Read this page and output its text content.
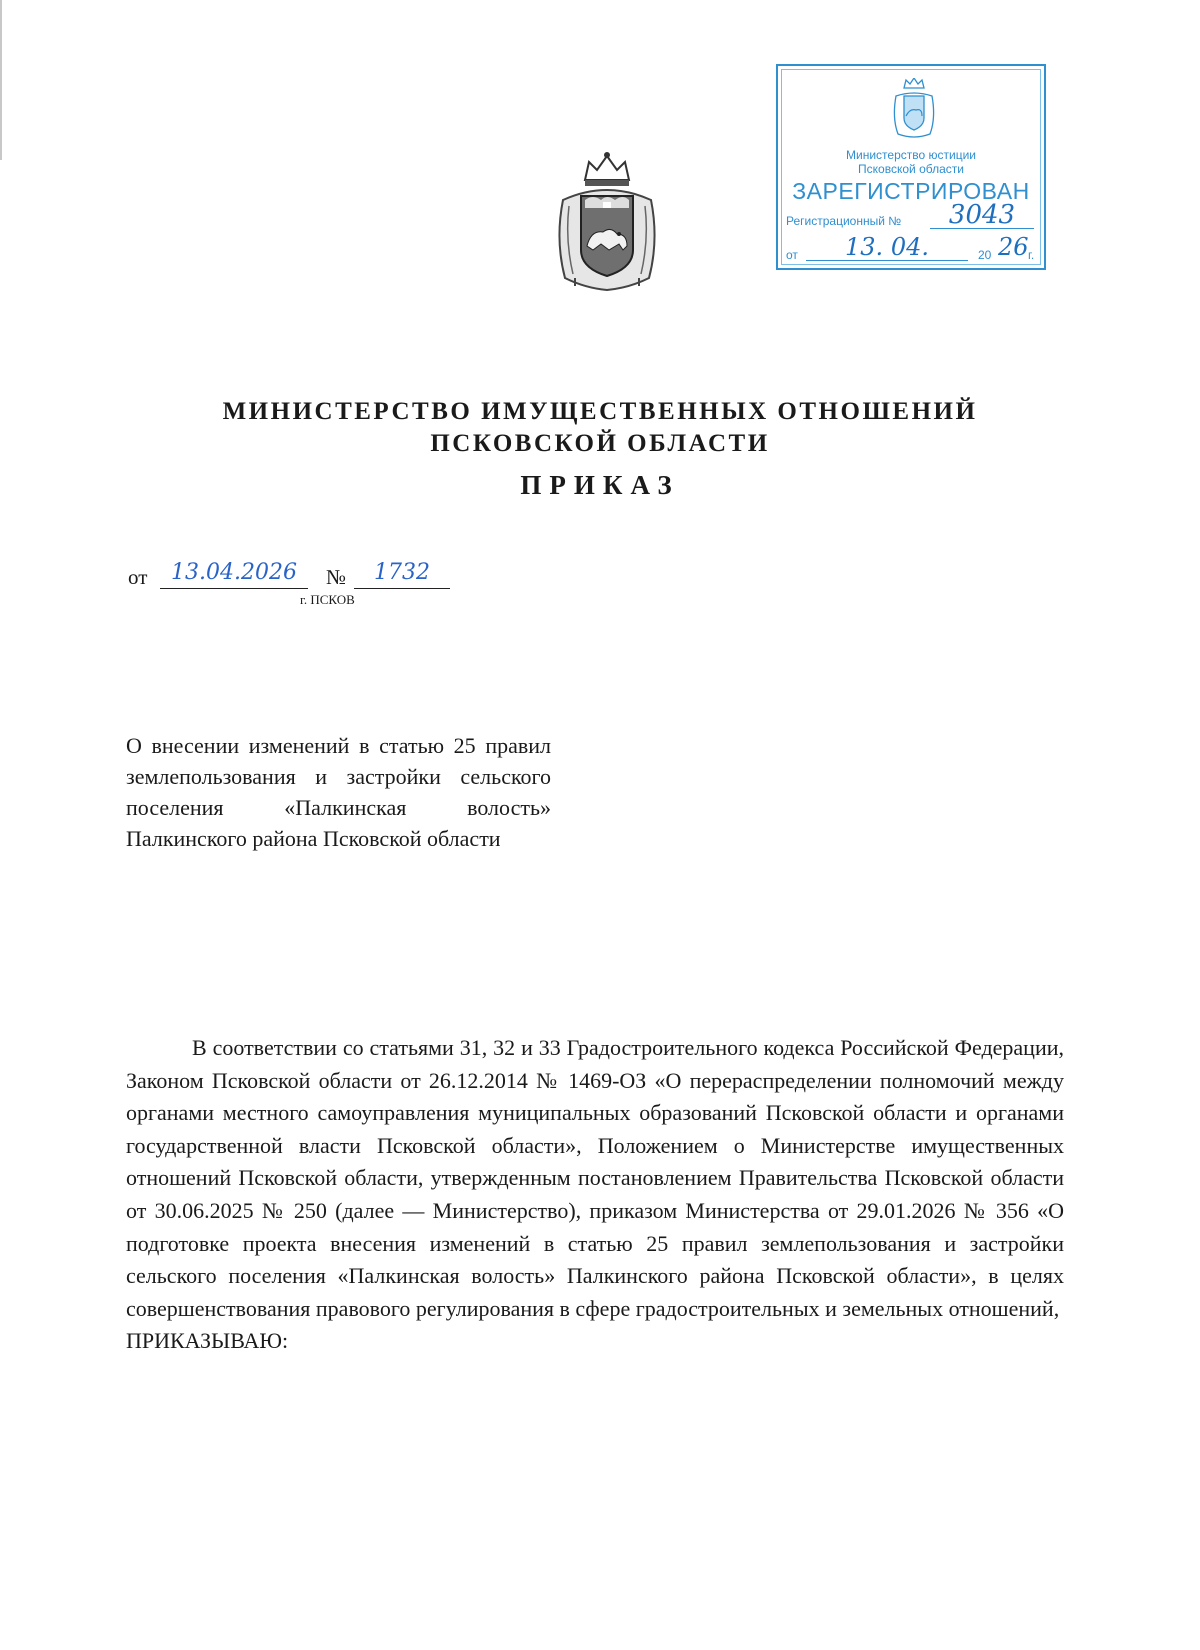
Министерство юстиции
Псковской области
ЗАРЕГИСТРИРОВАН
Регистрационный №	3043
от	13. 04.	20 26 г.
МИНИСТЕРСТВО ИМУЩЕСТВЕННЫХ ОТНОШЕНИЙ
ПСКОВСКОЙ ОБЛАСТИ
ПРИКАЗ
от	13.04.2026	№	1732
г. ПСКОВ
О внесении изменений в статью 25 правил землепользования и застройки сельского поселения «Палкинская волость» Палкинского района Псковской области

В соответствии со статьями 31, 32 и 33 Градостроительного кодекса Российской Федерации, Законом Псковской области от 26.12.2014 № 1469-ОЗ «О перераспределении полномочий между органами местного самоуправления муниципальных образований Псковской области и органами государственной власти Псковской области», Положением о Министерстве имущественных отношений Псковской области, утвержденным постановлением Правительства Псковской области от 30.06.2025 № 250 (далее — Министерство), приказом Министерства от 29.01.2026 № 356 «О подготовке проекта внесения изменений в статью 25 правил землепользования и застройки сельского поселения «Палкинская волость» Палкинского района Псковской области», в целях совершенствования правового регулирования в сфере градостроительных и земельных отношений,

ПРИКАЗЫВАЮ:
